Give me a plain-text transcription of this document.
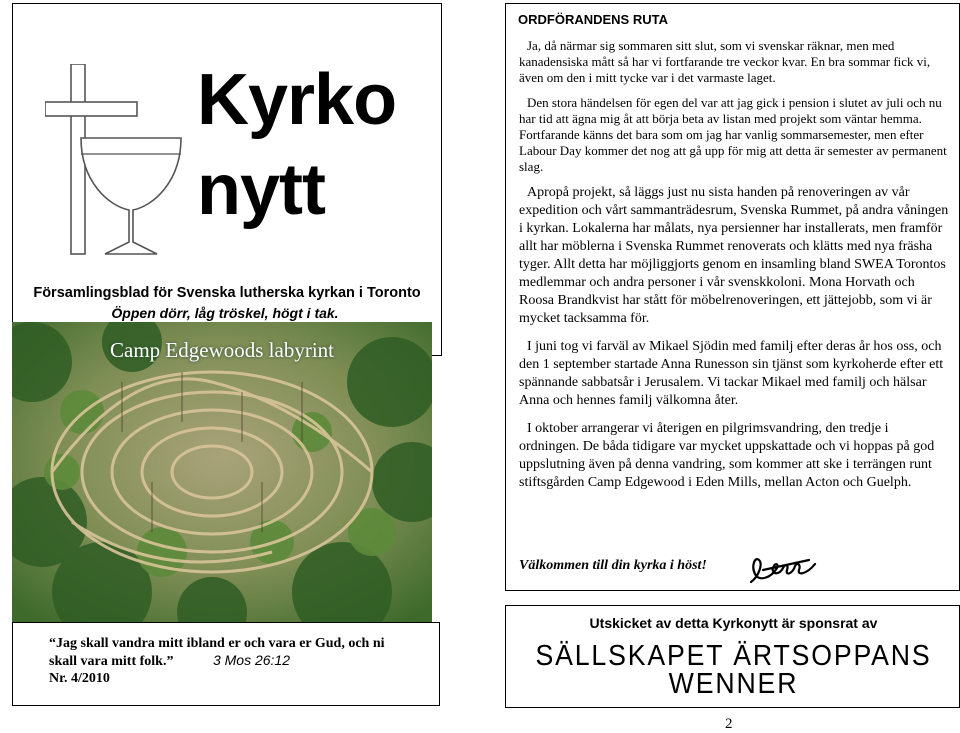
Kyrko
nytt
Församlingsblad för Svenska lutherska kyrkan i Toronto
Öppen dörr, låg tröskel, högt i tak.
Camp Edgewoods labyrint
“Jag skall vandra mitt ibland er och vara er Gud, och ni skall vara mitt folk.”	3 Mos 26:12
Nr. 4/2010
ORDFÖRANDENS RUTA

Ja, då närmar sig sommaren sitt slut, som vi svenskar räknar, men med kanadensiska mått så har vi fortfarande tre veckor kvar. En bra sommar fick vi, även om den i mitt tycke var i det varmaste laget.

Den stora händelsen för egen del var att jag gick i pension i slutet av juli och nu har tid att ägna mig åt att börja beta av listan med projekt som väntar hemma. Fortfarande känns det bara som om jag har vanlig sommarsemester, men efter Labour Day kommer det nog att gå upp för mig att detta är semester av permanent slag.

Apropå projekt, så läggs just nu sista handen på renoveringen av vår expedition och vårt sammanträdesrum, Svenska Rummet, på andra våningen i kyrkan. Lokalerna har målats, nya persienner har installerats, men framför allt har möblerna i Svenska Rummet renoverats och klätts med nya fräsha tyger. Allt detta har möjliggjorts genom en insamling bland SWEA Torontos medlemmar och andra personer i vår svenskkoloni. Mona Horvath och Roosa Brandkvist har stått för möbelrenoveringen, ett jättejobb, som vi är mycket tacksamma för.

I juni tog vi farväl av Mikael Sjödin med familj efter deras år hos oss, och den 1 september startade Anna Runesson sin tjänst som kyrkoherde efter ett spännande sabbatsår i Jerusalem. Vi tackar Mikael med familj och hälsar Anna och hennes familj välkomna åter.

I oktober arrangerar vi återigen en pilgrimsvandring, den tredje i ordningen. De båda tidigare var mycket uppskattade och vi hoppas på god uppslutning även på denna vandring, som kommer att ske i terrängen runt stiftsgården Camp Edgewood i Eden Mills, mellan Acton och Guelph.

Välkommen till din kyrka i höst!
Utskicket av detta Kyrkonytt är sponsrat av
SÄLLSKAPET ÄRTSOPPANS WENNER
2
